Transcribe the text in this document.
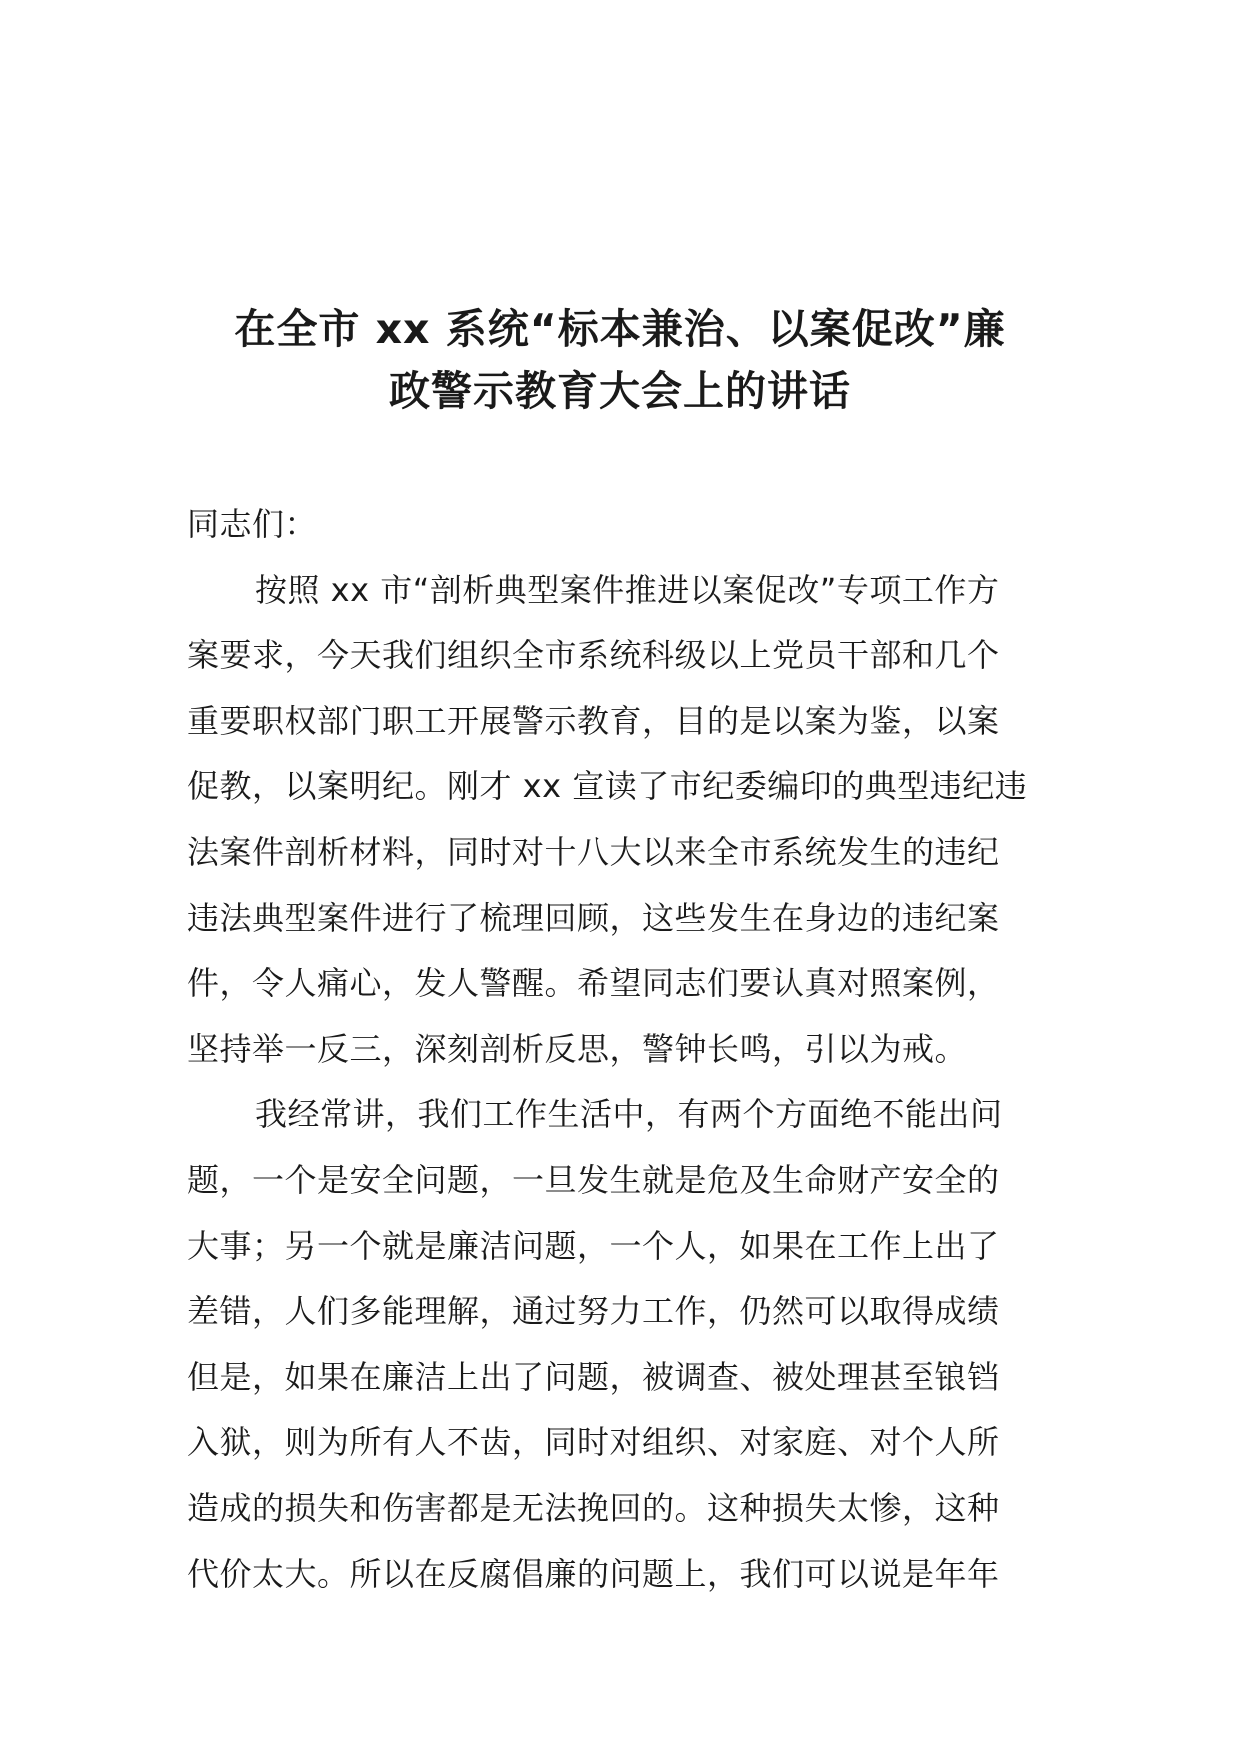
在全市 xx 系统“标本兼治、以案促改”廉
政警示教育大会上的讲话
同志们：
按照 xx 市“剖析典型案件推进以案促改”专项工作方
案要求，今天我们组织全市系统科级以上党员干部和几个
重要职权部门职工开展警示教育，目的是以案为鉴，以案
促教，以案明纪。刚才 xx 宣读了市纪委编印的典型违纪违
法案件剖析材料，同时对十八大以来全市系统发生的违纪
违法典型案件进行了梳理回顾，这些发生在身边的违纪案
件，令人痛心，发人警醒。希望同志们要认真对照案例，
坚持举一反三，深刻剖析反思，警钟长鸣，引以为戒。
我经常讲，我们工作生活中，有两个方面绝不能出问
题，一个是安全问题，一旦发生就是危及生命财产安全的
大事；另一个就是廉洁问题，一个人，如果在工作上出了
差错，人们多能理解，通过努力工作，仍然可以取得成绩
但是，如果在廉洁上出了问题，被调查、被处理甚至锒铛
入狱，则为所有人不齿，同时对组织、对家庭、对个人所
造成的损失和伤害都是无法挽回的。这种损失太惨，这种
代价太大。所以在反腐倡廉的问题上，我们可以说是年年
